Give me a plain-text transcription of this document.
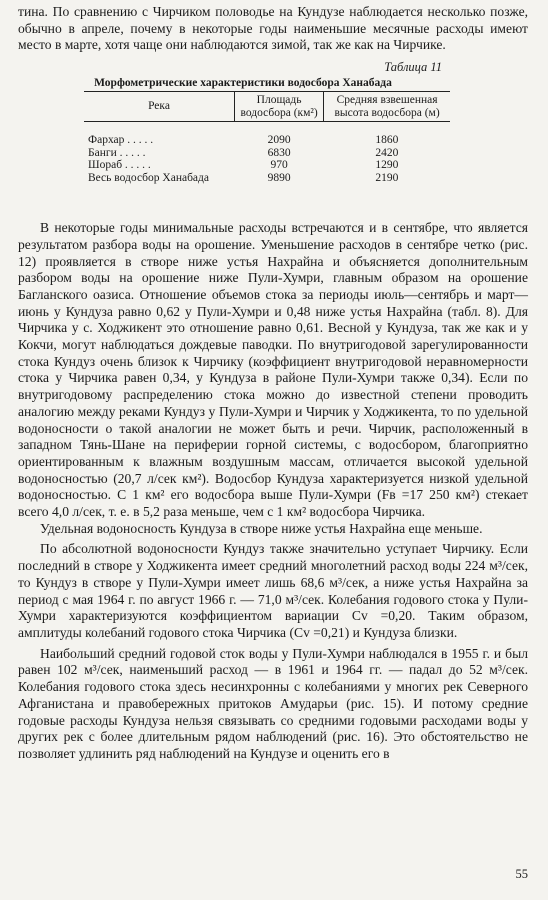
тина. По сравнению с Чирчиком половодье на Кундузе наблюдается несколько позже, обычно в апреле, почему в некоторые годы наименьшие месячные расходы имеют место в марте, хотя чаще они наблюдаются зимой, так же как на Чирчике.

Таблица 11
Морфометрические характеристики водосбора Ханабада
Река	Площадь водосбора (км²)	Средняя взвешенная высота водосбора (м)
Фархар . . . . .	2090	1860
Банги . . . . .	6830	2420
Шораб . . . . .	970	1290
Весь водосбор Ханабада	9890	2190

В некоторые годы минимальные расходы встречаются и в сентябре, что является результатом разбора воды на орошение. Уменьшение расходов в сентябре четко (рис. 12) проявляется в створе ниже устья Нахрайна и объясняется дополнительным разбором воды на орошение ниже Пули-Хумри, главным образом на орошение Багланского оазиса. Отношение объемов стока за периоды июль—сентябрь и март—июнь у Кундуза равно 0,62 у Пули-Хумри и 0,48 ниже устья Нахрайна (табл. 8). Для Чирчика у с. Ходжикент это отношение равно 0,61. Весной у Кундуза, так же как и у Кокчи, могут наблюдаться дождевые паводки. По внутригодовой зарегулированности стока Кундуз очень близок к Чирчику (коэффициент внутригодовой неравномерности стока у Чирчика равен 0,34, у Кундуза в районе Пули-Хумри также 0,34). Если по внутригодовому распределению стока можно до известной степени проводить аналогию между реками Кундуз у Пули-Хумри и Чирчик у Ходжикента, то по удельной водоносности о такой аналогии не может быть и речи. Чирчик, расположенный в западном Тянь-Шане на периферии горной системы, с водосбором, благоприятно ориентированным к влажным воздушным массам, отличается высокой удельной водоносностью (20,7 л/сек км²). Водосбор Кундуза характеризуется низкой удельной водоносностью. С 1 км² его водосбора выше Пули-Хумри (Fв =17 250 км²) стекает всего 4,0 л/сек, т. е. в 5,2 раза меньше, чем с 1 км² водосбора Чирчика.

Удельная водоносность Кундуза в створе ниже устья Нахрайна еще меньше.

По абсолютной водоносности Кундуз также значительно уступает Чирчику. Если последний в створе у Ходжикента имеет средний многолетний расход воды 224 м³/сек, то Кундуз в створе у Пули-Хумри имеет лишь 68,6 м³/сек, а ниже устья Нахрайна за период с мая 1964 г. по август 1966 г. — 71,0 м³/сек. Колебания годового стока у Пули-Хумри характеризуются коэффициентом вариации Cv =0,20. Таким образом, амплитуды колебаний годового стока Чирчика (Cv =0,21) и Кундуза близки.

Наибольший средний годовой сток воды у Пули-Хумри наблюдался в 1955 г. и был равен 102 м³/сек, наименьший расход — в 1961 и 1964 гг. — падал до 52 м³/сек. Колебания годового стока здесь несинхронны с колебаниями у многих рек Северного Афганистана и правобережных притоков Амударьи (рис. 15). И потому средние годовые расходы Кундуза нельзя связывать со средними годовыми расходами воды у других рек с более длительным рядом наблюдений (рис. 16). Это обстоятельство не позволяет удлинить ряд наблюдений на Кундузе и оценить его в

55
